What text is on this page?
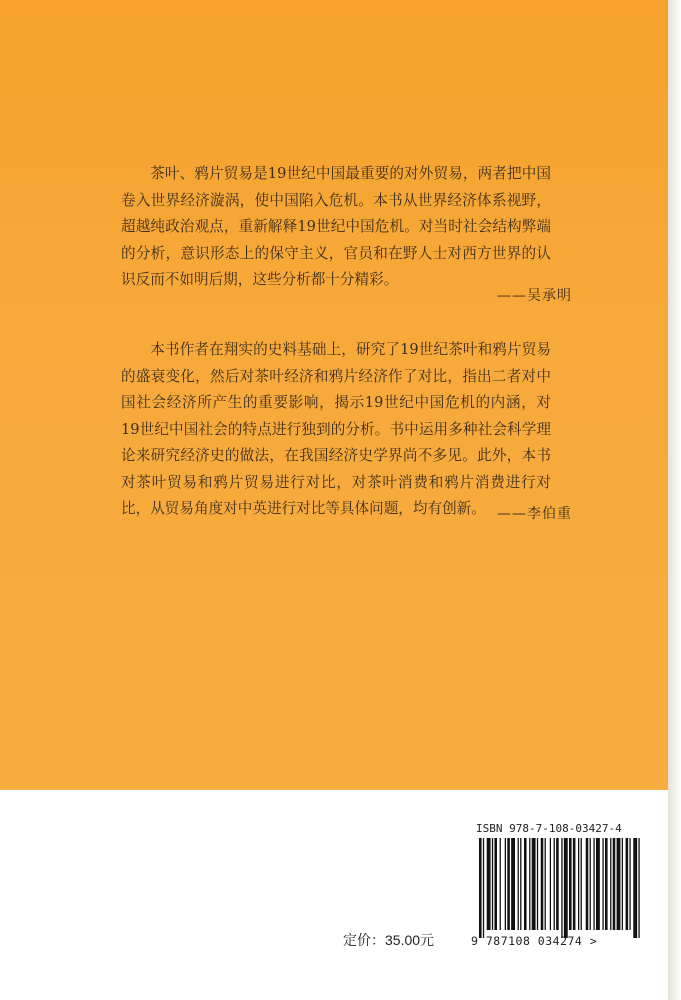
茶叶、鸦片贸易是19世纪中国最重要的对外贸易，两者把中国卷入世界经济漩涡，使中国陷入危机。本书从世界经济体系视野，超越纯政治观点，重新解释19世纪中国危机。对当时社会结构弊端的分析，意识形态上的保守主义，官员和在野人士对西方世界的认识反而不如明后期，这些分析都十分精彩。

——吴承明

本书作者在翔实的史料基础上，研究了19世纪茶叶和鸦片贸易的盛衰变化，然后对茶叶经济和鸦片经济作了对比，指出二者对中国社会经济所产生的重要影响，揭示19世纪中国危机的内涵，对19世纪中国社会的特点进行独到的分析。书中运用多种社会科学理论来研究经济史的做法，在我国经济史学界尚不多见。此外，本书对茶叶贸易和鸦片贸易进行对比，对茶叶消费和鸦片消费进行对比，从贸易角度对中英进行对比等具体问题，均有创新。 ——李伯重
ISBN 978-7-108-03427-4
9 787108 034274 >
定价：35.00元
